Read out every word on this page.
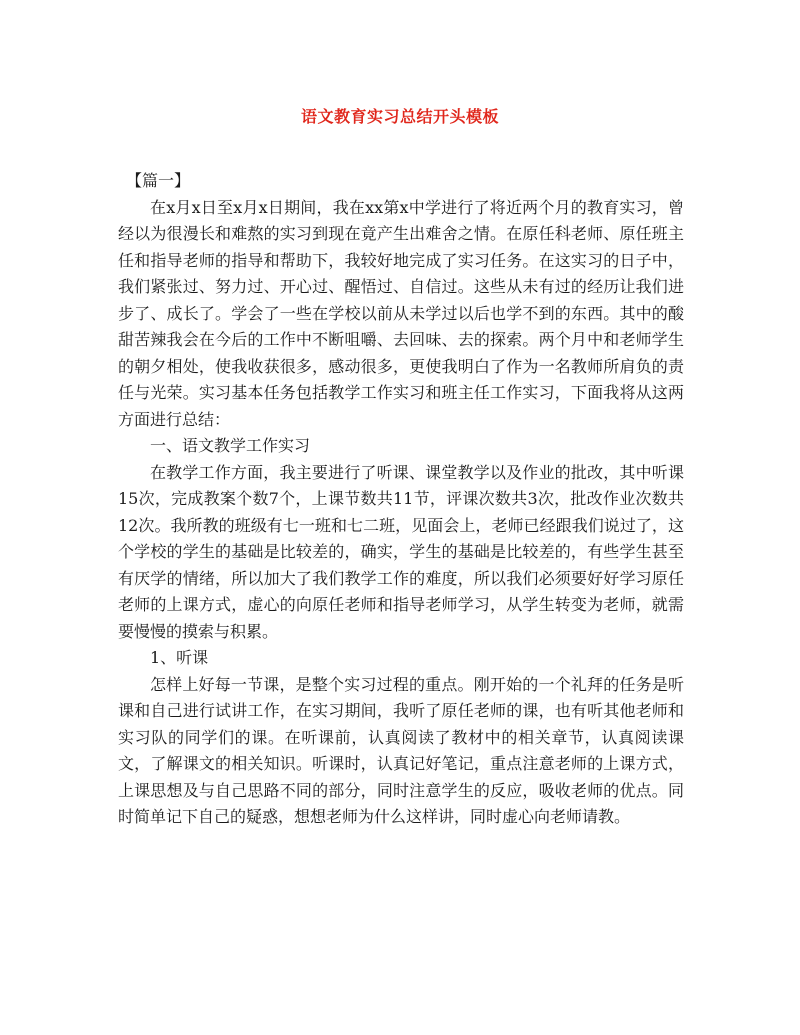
语文教育实习总结开头模板

【篇一】

在x月x日至x月x日期间，我在xx第x中学进行了将近两个月的教育实习，曾经以为很漫长和难熬的实习到现在竟产生出难舍之情。在原任科老师、原任班主任和指导老师的指导和帮助下，我较好地完成了实习任务。在这实习的日子中，我们紧张过、努力过、开心过、醒悟过、自信过。这些从未有过的经历让我们进步了、成长了。学会了一些在学校以前从未学过以后也学不到的东西。其中的酸甜苦辣我会在今后的工作中不断咀嚼、去回味、去的探索。两个月中和老师学生的朝夕相处，使我收获很多，感动很多，更使我明白了作为一名教师所肩负的责任与光荣。实习基本任务包括教学工作实习和班主任工作实习，下面我将从这两方面进行总结：

一、语文教学工作实习

在教学工作方面，我主要进行了听课、课堂教学以及作业的批改，其中听课15次，完成教案个数7个，上课节数共11节，评课次数共3次，批改作业次数共12次。我所教的班级有七一班和七二班，见面会上，老师已经跟我们说过了，这个学校的学生的基础是比较差的，确实，学生的基础是比较差的，有些学生甚至有厌学的情绪，所以加大了我们教学工作的难度，所以我们必须要好好学习原任老师的上课方式，虚心的向原任老师和指导老师学习，从学生转变为老师，就需要慢慢的摸索与积累。

1、听课

怎样上好每一节课，是整个实习过程的重点。刚开始的一个礼拜的任务是听课和自己进行试讲工作，在实习期间，我听了原任老师的课，也有听其他老师和实习队的同学们的课。在听课前，认真阅读了教材中的相关章节，认真阅读课文，了解课文的相关知识。听课时，认真记好笔记，重点注意老师的上课方式，上课思想及与自己思路不同的部分，同时注意学生的反应，吸收老师的优点。同时简单记下自己的疑惑，想想老师为什么这样讲，同时虚心向老师请教。
